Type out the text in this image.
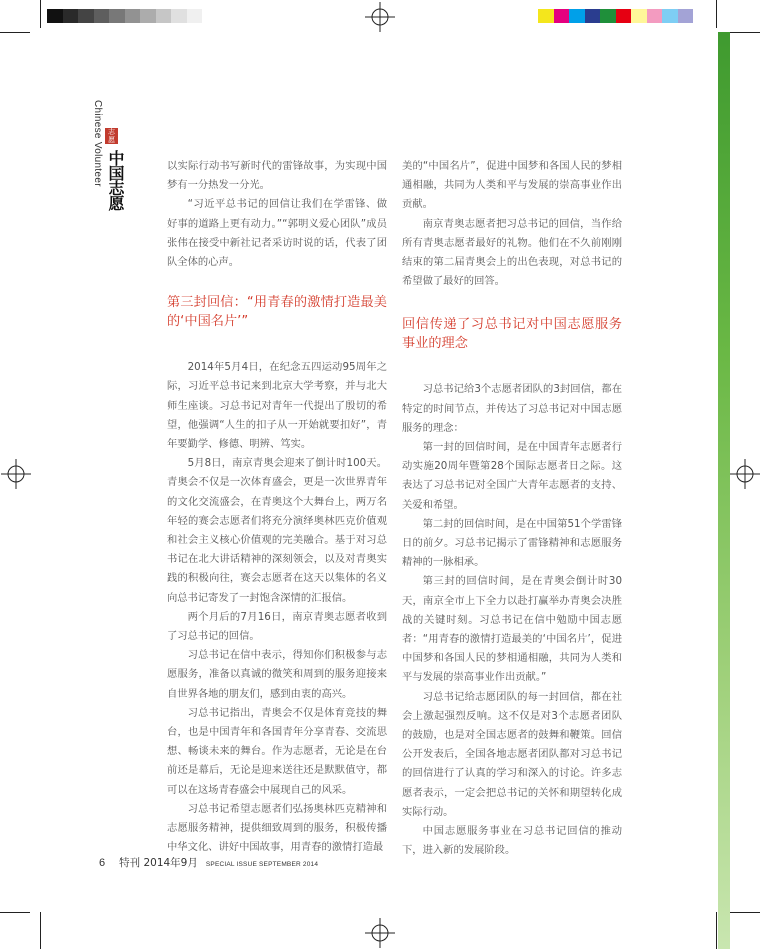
Chinese Volunteer 志愿
中国志愿	以实际行动书写新时代的雷锋故事，为实现中国梦有一分热发一分光。

“习近平总书记的回信让我们在学雷锋、做好事的道路上更有动力。”“郭明义爱心团队”成员张伟在接受中新社记者采访时说的话，代表了团队全体的心声。

第三封回信：“用青春的激情打造最美的‘中国名片’”

2014年5月4日，在纪念五四运动95周年之际，习近平总书记来到北京大学考察，并与北大师生座谈。习总书记对青年一代提出了殷切的希望，他强调“人生的扣子从一开始就要扣好”，青年要勤学、修德、明辨、笃实。

5月8日，南京青奥会迎来了倒计时100天。青奥会不仅是一次体育盛会，更是一次世界青年的文化交流盛会，在青奥这个大舞台上，两万名年轻的赛会志愿者们将充分演绎奥林匹克价值观和社会主义核心价值观的完美融合。基于对习总书记在北大讲话精神的深刻领会，以及对青奥实践的积极向往，赛会志愿者在这天以集体的名义向总书记寄发了一封饱含深情的汇报信。

两个月后的7月16日，南京青奥志愿者收到了习总书记的回信。

习总书记在信中表示，得知你们积极参与志愿服务，准备以真诚的微笑和周到的服务迎接来自世界各地的朋友们，感到由衷的高兴。

习总书记指出，青奥会不仅是体育竞技的舞台，也是中国青年和各国青年分享青春、交流思想、畅谈未来的舞台。作为志愿者，无论是在台前还是幕后，无论是迎来送往还是默默值守，都可以在这场青春盛会中展现自己的风采。

习总书记希望志愿者们弘扬奥林匹克精神和志愿服务精神，提供细致周到的服务，积极传播中华文化、讲好中国故事，用青春的激情打造最

美的“中国名片”，促进中国梦和各国人民的梦相通相融，共同为人类和平与发展的崇高事业作出贡献。

南京青奥志愿者把习总书记的回信，当作给所有青奥志愿者最好的礼物。他们在不久前刚刚结束的第二届青奥会上的出色表现，对总书记的希望做了最好的回答。

回信传递了习总书记对中国志愿服务事业的理念

习总书记给3个志愿者团队的3封回信，都在特定的时间节点，并传达了习总书记对中国志愿服务的理念：

第一封的回信时间，是在中国青年志愿者行动实施20周年暨第28个国际志愿者日之际。这表达了习总书记对全国广大青年志愿者的支持、关爱和希望。

第二封的回信时间，是在中国第51个学雷锋日的前夕。习总书记揭示了雷锋精神和志愿服务精神的一脉相承。

第三封的回信时间，是在青奥会倒计时30天，南京全市上下全力以赴打赢举办青奥会决胜战的关键时刻。习总书记在信中勉励中国志愿者：“用青春的激情打造最美的‘中国名片’，促进中国梦和各国人民的梦相通相融，共同为人类和平与发展的崇高事业作出贡献。”

习总书记给志愿团队的每一封回信，都在社会上激起强烈反响。这不仅是对3个志愿者团队的鼓励，也是对全国志愿者的鼓舞和鞭策。回信公开发表后，全国各地志愿者团队都对习总书记的回信进行了认真的学习和深入的讨论。许多志愿者表示，一定会把总书记的关怀和期望转化成实际行动。

中国志愿服务事业在习总书记回信的推动下，进入新的发展阶段。

6 特刊 2014年9月 SPECIAL ISSUE SEPTEMBER 2014
